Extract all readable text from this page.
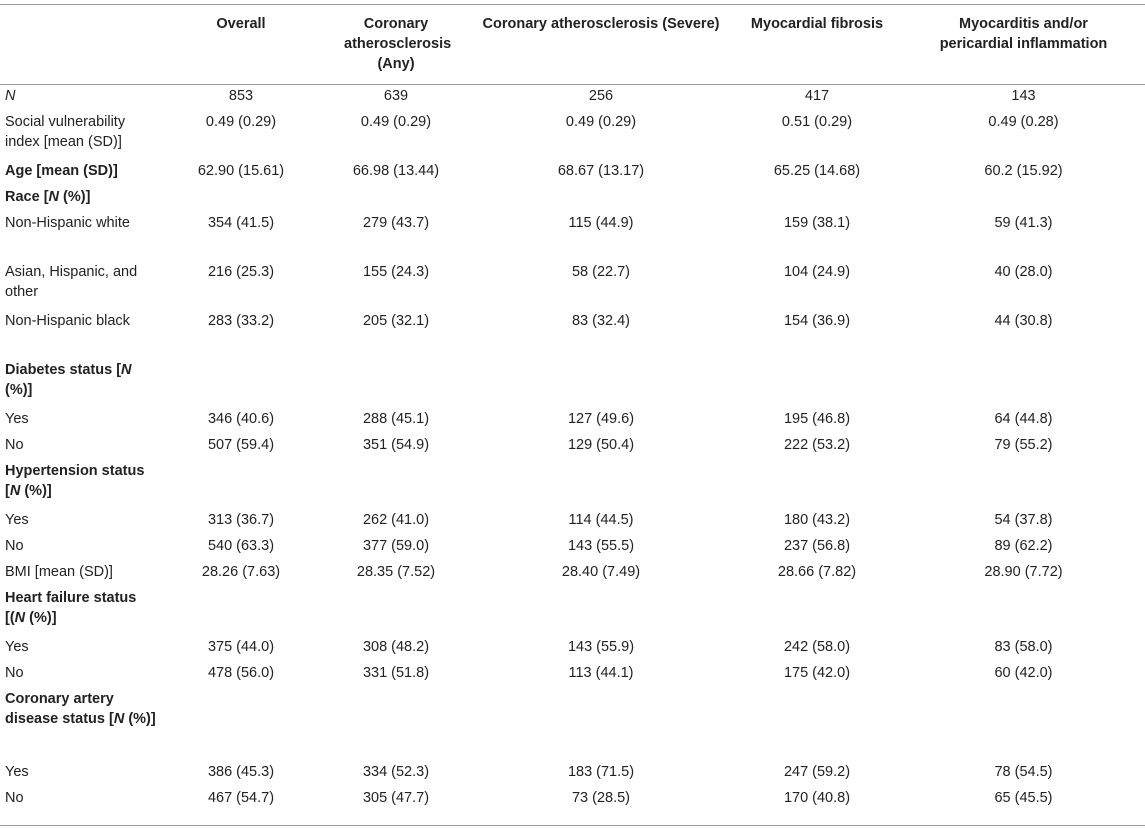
	Overall	Coronary atherosclerosis (Any)	Coronary atherosclerosis (Severe)	Myocardial fibrosis	Myocarditis and/or pericardial inflammation
N	853	639	256	417	143
Social vulnerability index [mean (SD)]	0.49 (0.29)	0.49 (0.29)	0.49 (0.29)	0.51 (0.29)	0.49 (0.28)
Age [mean (SD)]	62.90 (15.61)	66.98 (13.44)	68.67 (13.17)	65.25 (14.68)	60.2 (15.92)
Race [N (%)]					
Non-Hispanic white	354 (41.5)	279 (43.7)	115 (44.9)	159 (38.1)	59 (41.3)
Asian, Hispanic, and other	216 (25.3)	155 (24.3)	58 (22.7)	104 (24.9)	40 (28.0)
Non-Hispanic black	283 (33.2)	205 (32.1)	83 (32.4)	154 (36.9)	44 (30.8)
Diabetes status [N (%)]					
Yes	346 (40.6)	288 (45.1)	127 (49.6)	195 (46.8)	64 (44.8)
No	507 (59.4)	351 (54.9)	129 (50.4)	222 (53.2)	79 (55.2)
Hypertension status [N (%)]					
Yes	313 (36.7)	262 (41.0)	114 (44.5)	180 (43.2)	54 (37.8)
No	540 (63.3)	377 (59.0)	143 (55.5)	237 (56.8)	89 (62.2)
BMI [mean (SD)]	28.26 (7.63)	28.35 (7.52)	28.40 (7.49)	28.66 (7.82)	28.90 (7.72)
Heart failure status [(N (%)]					
Yes	375 (44.0)	308 (48.2)	143 (55.9)	242 (58.0)	83 (58.0)
No	478 (56.0)	331 (51.8)	113 (44.1)	175 (42.0)	60 (42.0)
Coronary artery disease status [N (%)]					
Yes	386 (45.3)	334 (52.3)	183 (71.5)	247 (59.2)	78 (54.5)
No	467 (54.7)	305 (47.7)	73 (28.5)	170 (40.8)	65 (45.5)
